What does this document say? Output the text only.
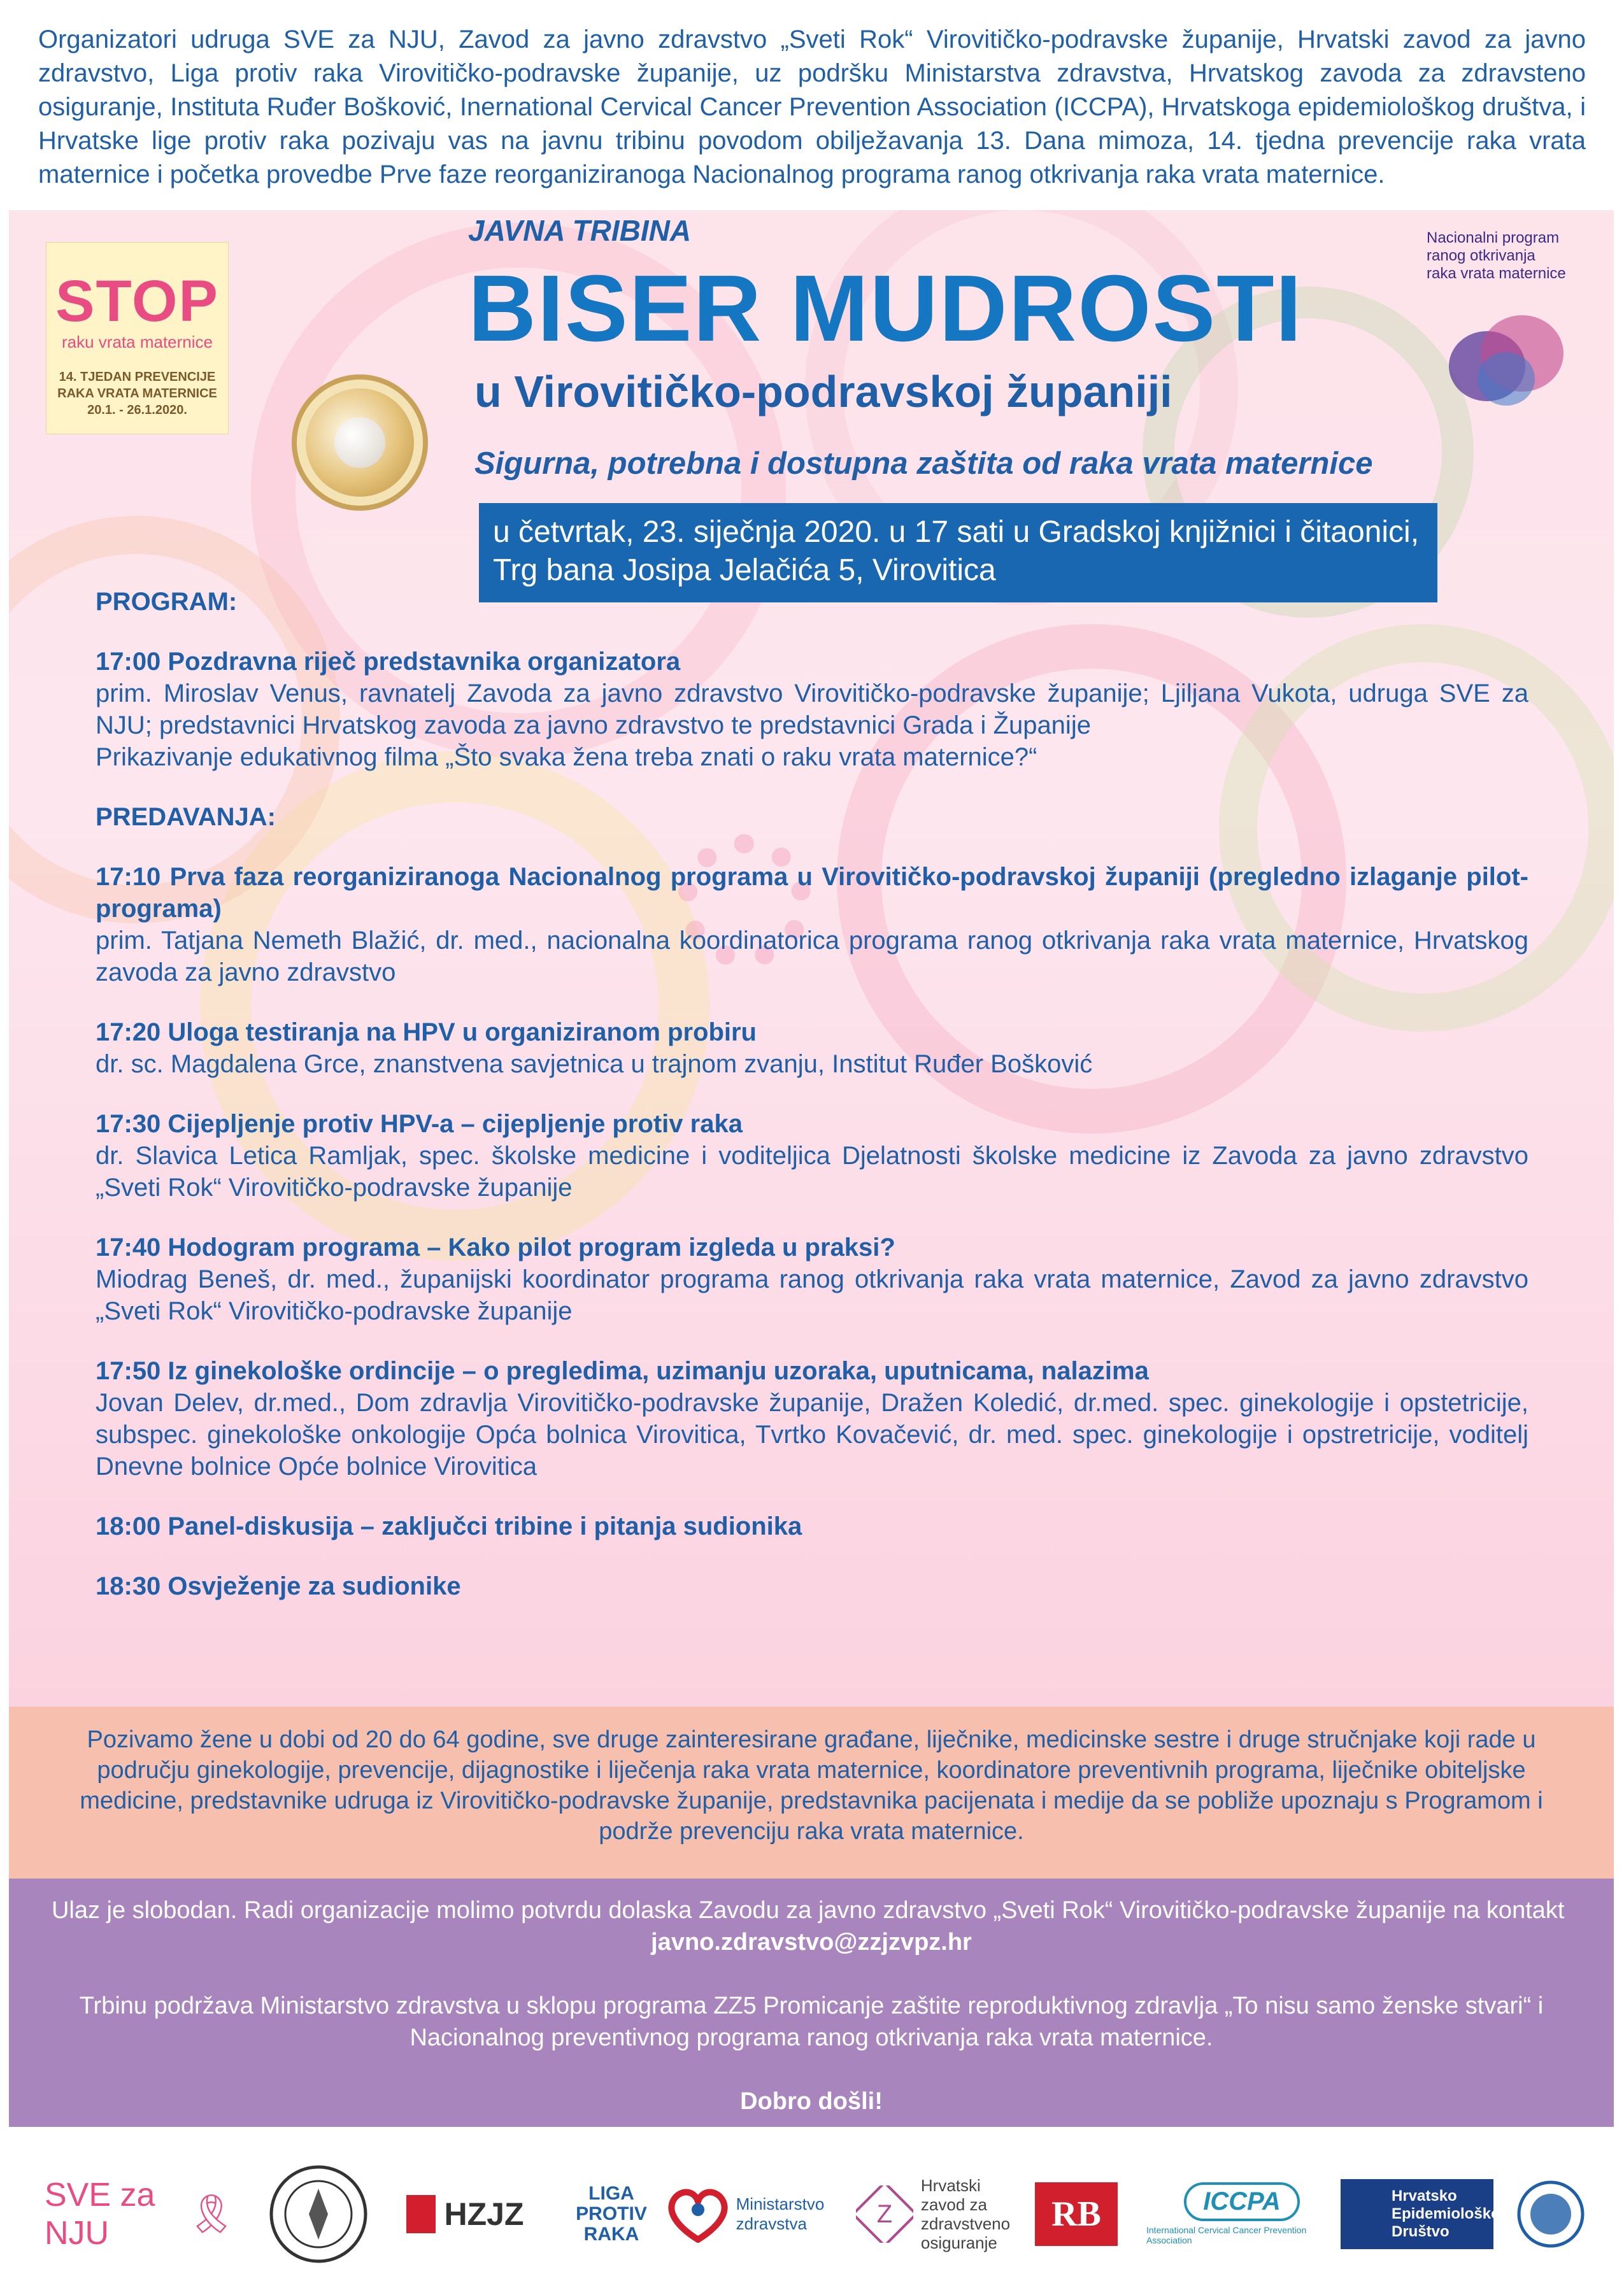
Organizatori udruga SVE za NJU, Zavod za javno zdravstvo „Sveti Rok“ Virovitičko-podravske županije, Hrvatski zavod za javno zdravstvo, Liga protiv raka Virovitičko-podravske županije, uz podršku Ministarstva zdravstva, Hrvatskog zavoda za zdravsteno osiguranje, Instituta Ruđer Bošković, Inernational Cervical Cancer Prevention Association (ICCPA), Hrvatskoga epidemiološkog društva, i Hrvatske lige protiv raka pozivaju vas na javnu tribinu povodom obilježavanja 13. Dana mimoza, 14. tjedna prevencije raka vrata maternice i početka provedbe Prve faze reorganiziranoga Nacionalnog programa ranog otkrivanja raka vrata maternice.
STOP
raku vrata maternice
14. TJEDAN PREVENCIJE
RAKA VRATA MATERNICE
20.1. - 26.1.2020.
JAVNA TRIBINA
BISER MUDROSTI
u Virovitičko-podravskoj županiji
Sigurna, potrebna i dostupna zaštita od raka vrata maternice
u četvrtak, 23. siječnja 2020. u 17 sati u Gradskoj knjižnici i čitaonici,
Trg bana Josipa Jelačića 5, Virovitica
Nacionalni program
ranog otkrivanja
raka vrata maternice
PROGRAM:
17:00 Pozdravna riječ predstavnika organizatora
prim. Miroslav Venus, ravnatelj Zavoda za javno zdravstvo Virovitičko-podravske županije; Ljiljana Vukota, udruga SVE za NJU; predstavnici Hrvatskog zavoda za javno zdravstvo te predstavnici Grada i Županije
Prikazivanje edukativnog filma „Što svaka žena treba znati o raku vrata maternice?“
PREDAVANJA:
17:10 Prva faza reorganiziranoga Nacionalnog programa u Virovitičko-podravskoj županiji (pregledno izlaganje pilot-programa)
prim. Tatjana Nemeth Blažić, dr. med., nacionalna koordinatorica programa ranog otkrivanja raka vrata maternice, Hrvatskog zavoda za javno zdravstvo
17:20 Uloga testiranja na HPV u organiziranom probiru
dr. sc. Magdalena Grce, znanstvena savjetnica u trajnom zvanju, Institut Ruđer Bošković
17:30 Cijepljenje protiv HPV-a – cijepljenje protiv raka
dr. Slavica Letica Ramljak, spec. školske medicine i voditeljica Djelatnosti školske medicine iz Zavoda za javno zdravstvo „Sveti Rok“ Virovitičko-podravske županije
17:40 Hodogram programa – Kako pilot program izgleda u praksi?
Miodrag Beneš, dr. med., županijski koordinator programa ranog otkrivanja raka vrata maternice, Zavod za javno zdravstvo „Sveti Rok“ Virovitičko-podravske županije
17:50 Iz ginekološke ordincije – o pregledima, uzimanju uzoraka, uputnicama, nalazima
Jovan Delev, dr.med., Dom zdravlja Virovitičko-podravske županije, Dražen Koledić, dr.med. spec. ginekologije i opstetricije, subspec. ginekološke onkologije Opća bolnica Virovitica, Tvrtko Kovačević, dr. med. spec. ginekologije i opstretricije, voditelj Dnevne bolnice Opće bolnice Virovitica
18:00 Panel-diskusija – zaključci tribine i pitanja sudionika
18:30 Osvježenje za sudionike
Pozivamo žene u dobi od 20 do 64 godine, sve druge zainteresirane građane, liječnike, medicinske sestre i druge stručnjake koji rade u području ginekologije, prevencije, dijagnostike i liječenja raka vrata maternice, koordinatore preventivnih programa, liječnike obiteljske medicine, predstavnike udruga iz Virovitičko-podravske županije, predstavnika pacijenata i medije da se pobliže upoznaju s Programom i podrže prevenciju raka vrata maternice.

Ulaz je slobodan. Radi organizacije molimo potvrdu dolaska Zavodu za javno zdravstvo „Sveti Rok“ Virovitičko-podravske županije na kontakt  javno.zdravstvo@zzjzvpz.hr

Trbinu podržava Ministarstvo zdravstva u sklopu programa ZZ5 Promicanje zaštite reproduktivnog zdravlja „To nisu samo ženske stvari“ i Nacionalnog preventivnog programa ranog otkrivanja raka vrata maternice.

Dobro došli!

SVE za NJU	🎗︎	HZJZ
LIGA
PROTIV
RAKA
Ministarstvo
zdravstva	Z
Hrvatski
zavod za
zdravstveno
osiguranje
RB	ICCPA
International Cervical Cancer Prevention Association
Hrvatsko
Epidemiološko
Društvo
